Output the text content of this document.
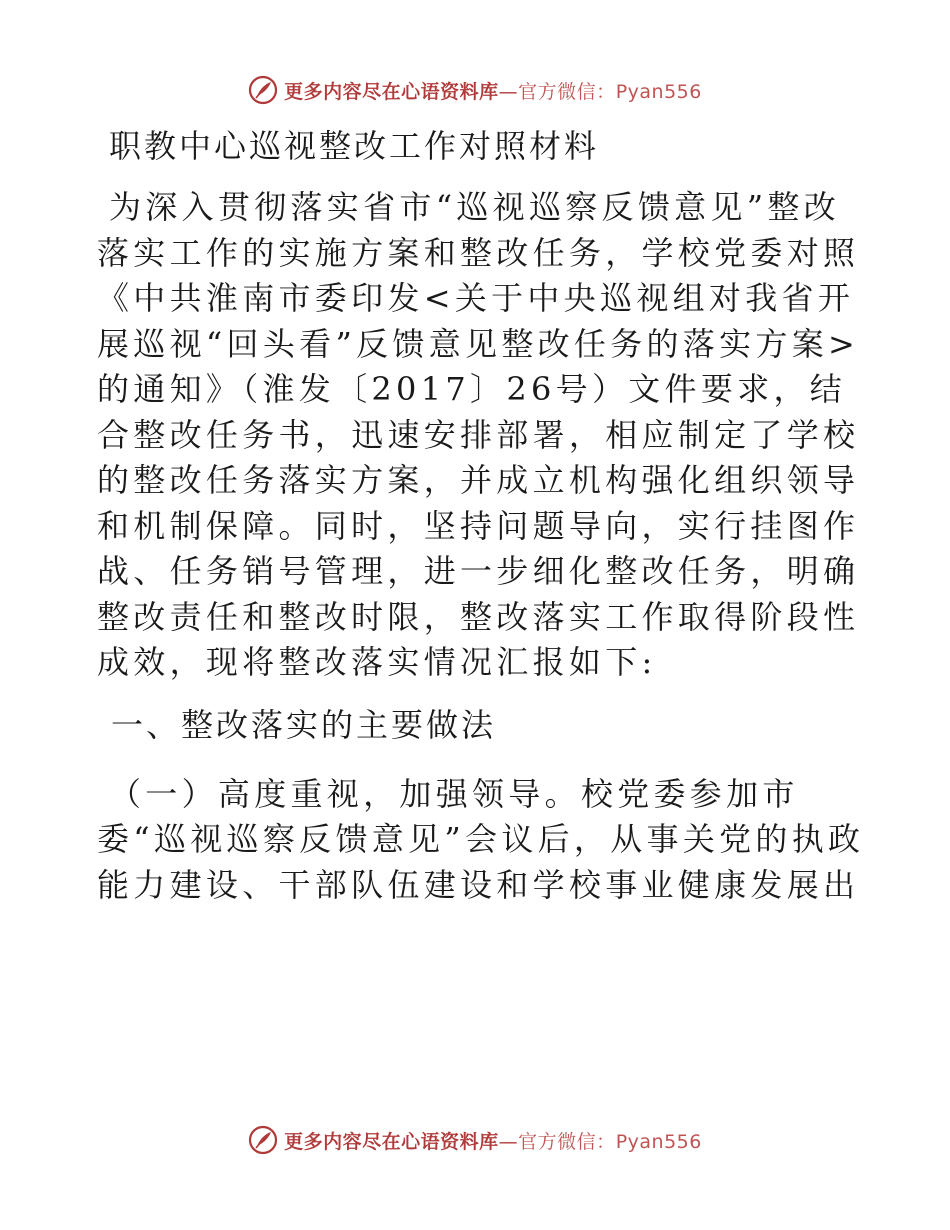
更多内容尽在心语资料库—官方微信：Pyan556
职教中心巡视整改工作对照材料

为深入贯彻落实省市“巡视巡察反馈意见”整改落实工作的实施方案和整改任务，学校党委对照《中共淮南市委印发<关于中央巡视组对我省开展巡视“回头看”反馈意见整改任务的落实方案>的通知》（淮发〔2017〕26号）文件要求，结合整改任务书，迅速安排部署，相应制定了学校的整改任务落实方案，并成立机构强化组织领导和机制保障。同时，坚持问题导向，实行挂图作战、任务销号管理，进一步细化整改任务，明确整改责任和整改时限，整改落实工作取得阶段性成效，现将整改落实情况汇报如下:

一、整改落实的主要做法

（一）高度重视，加强领导。校党委参加市委“巡视巡察反馈意见”会议后，从事关党的执政能力建设、干部队伍建设和学校事业健康发展出

更多内容尽在心语资料库—官方微信：Pyan556
